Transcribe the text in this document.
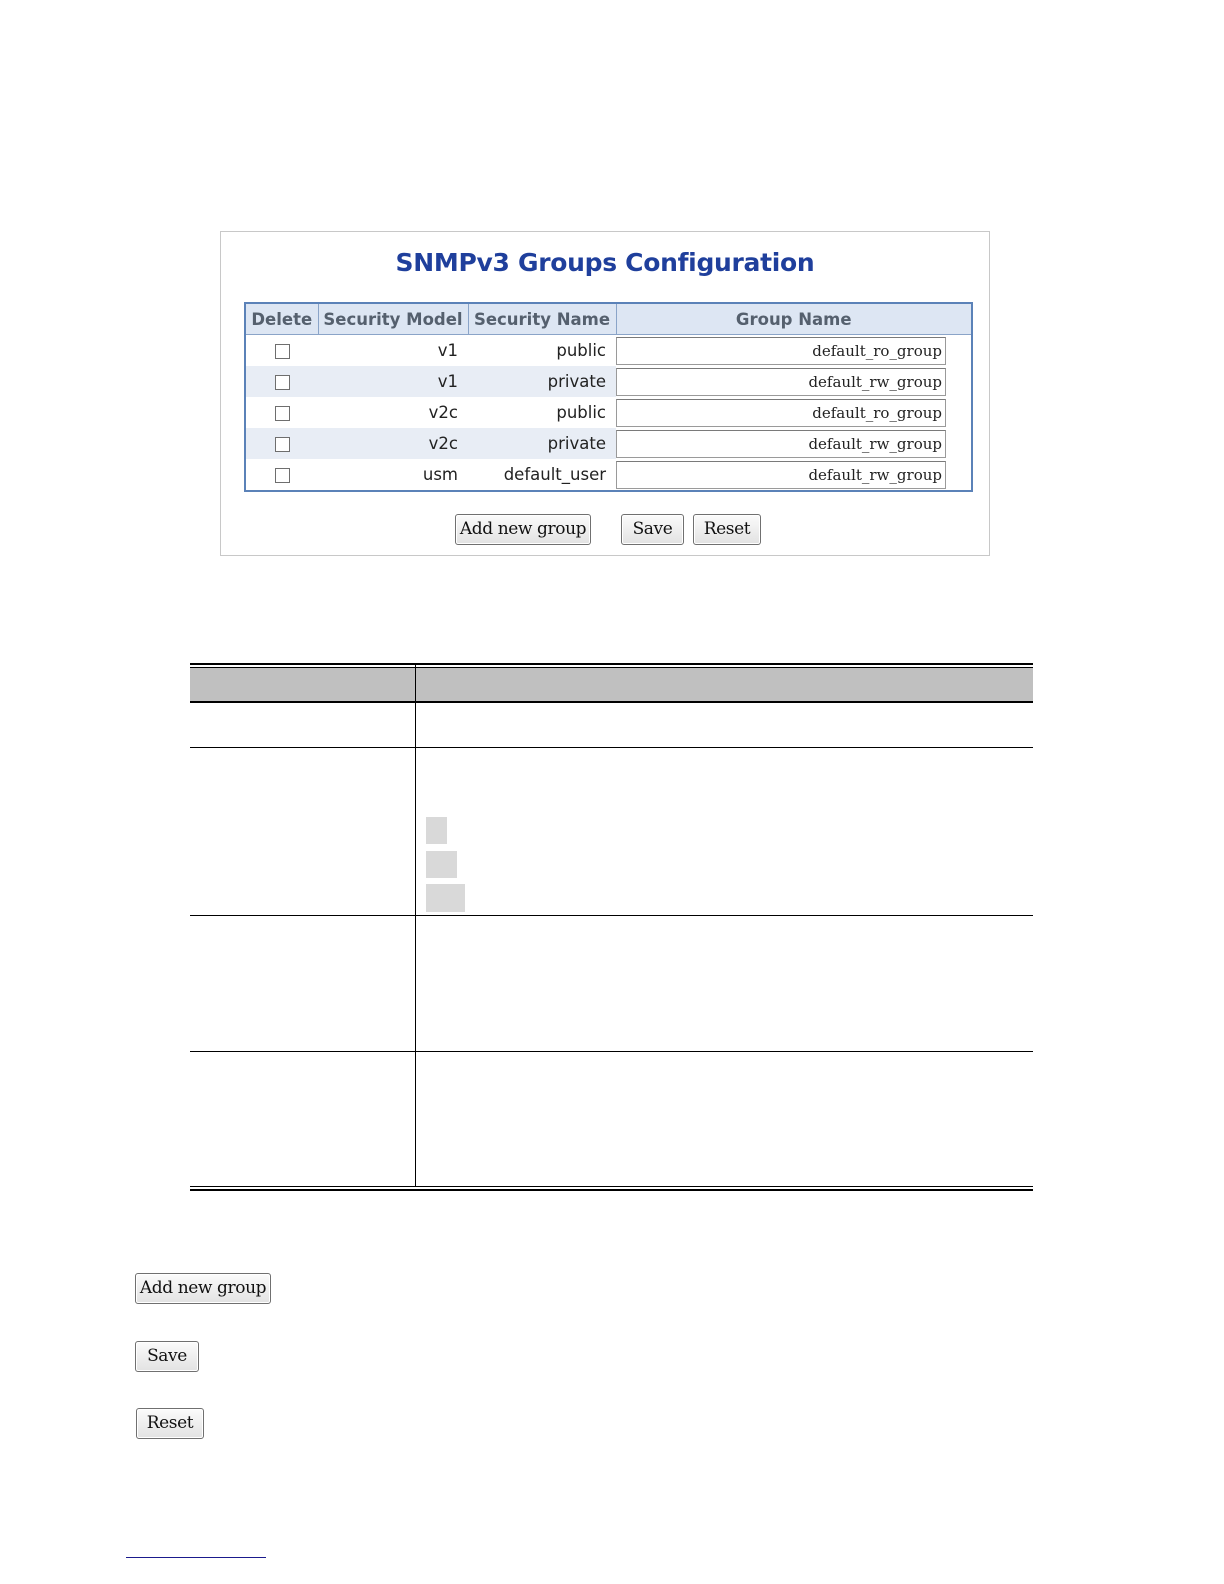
SNMPv3 Groups Configuration
Delete	Security Model	Security Name	Group Name
	v1	public	default_ro_group

	v1	private	default_rw_group

	v2c	public	default_ro_group

	v2c	private	default_rw_group

	usm	default_user	default_rw_group
Add new group	Save	Reset
Add new group
Save
Reset
